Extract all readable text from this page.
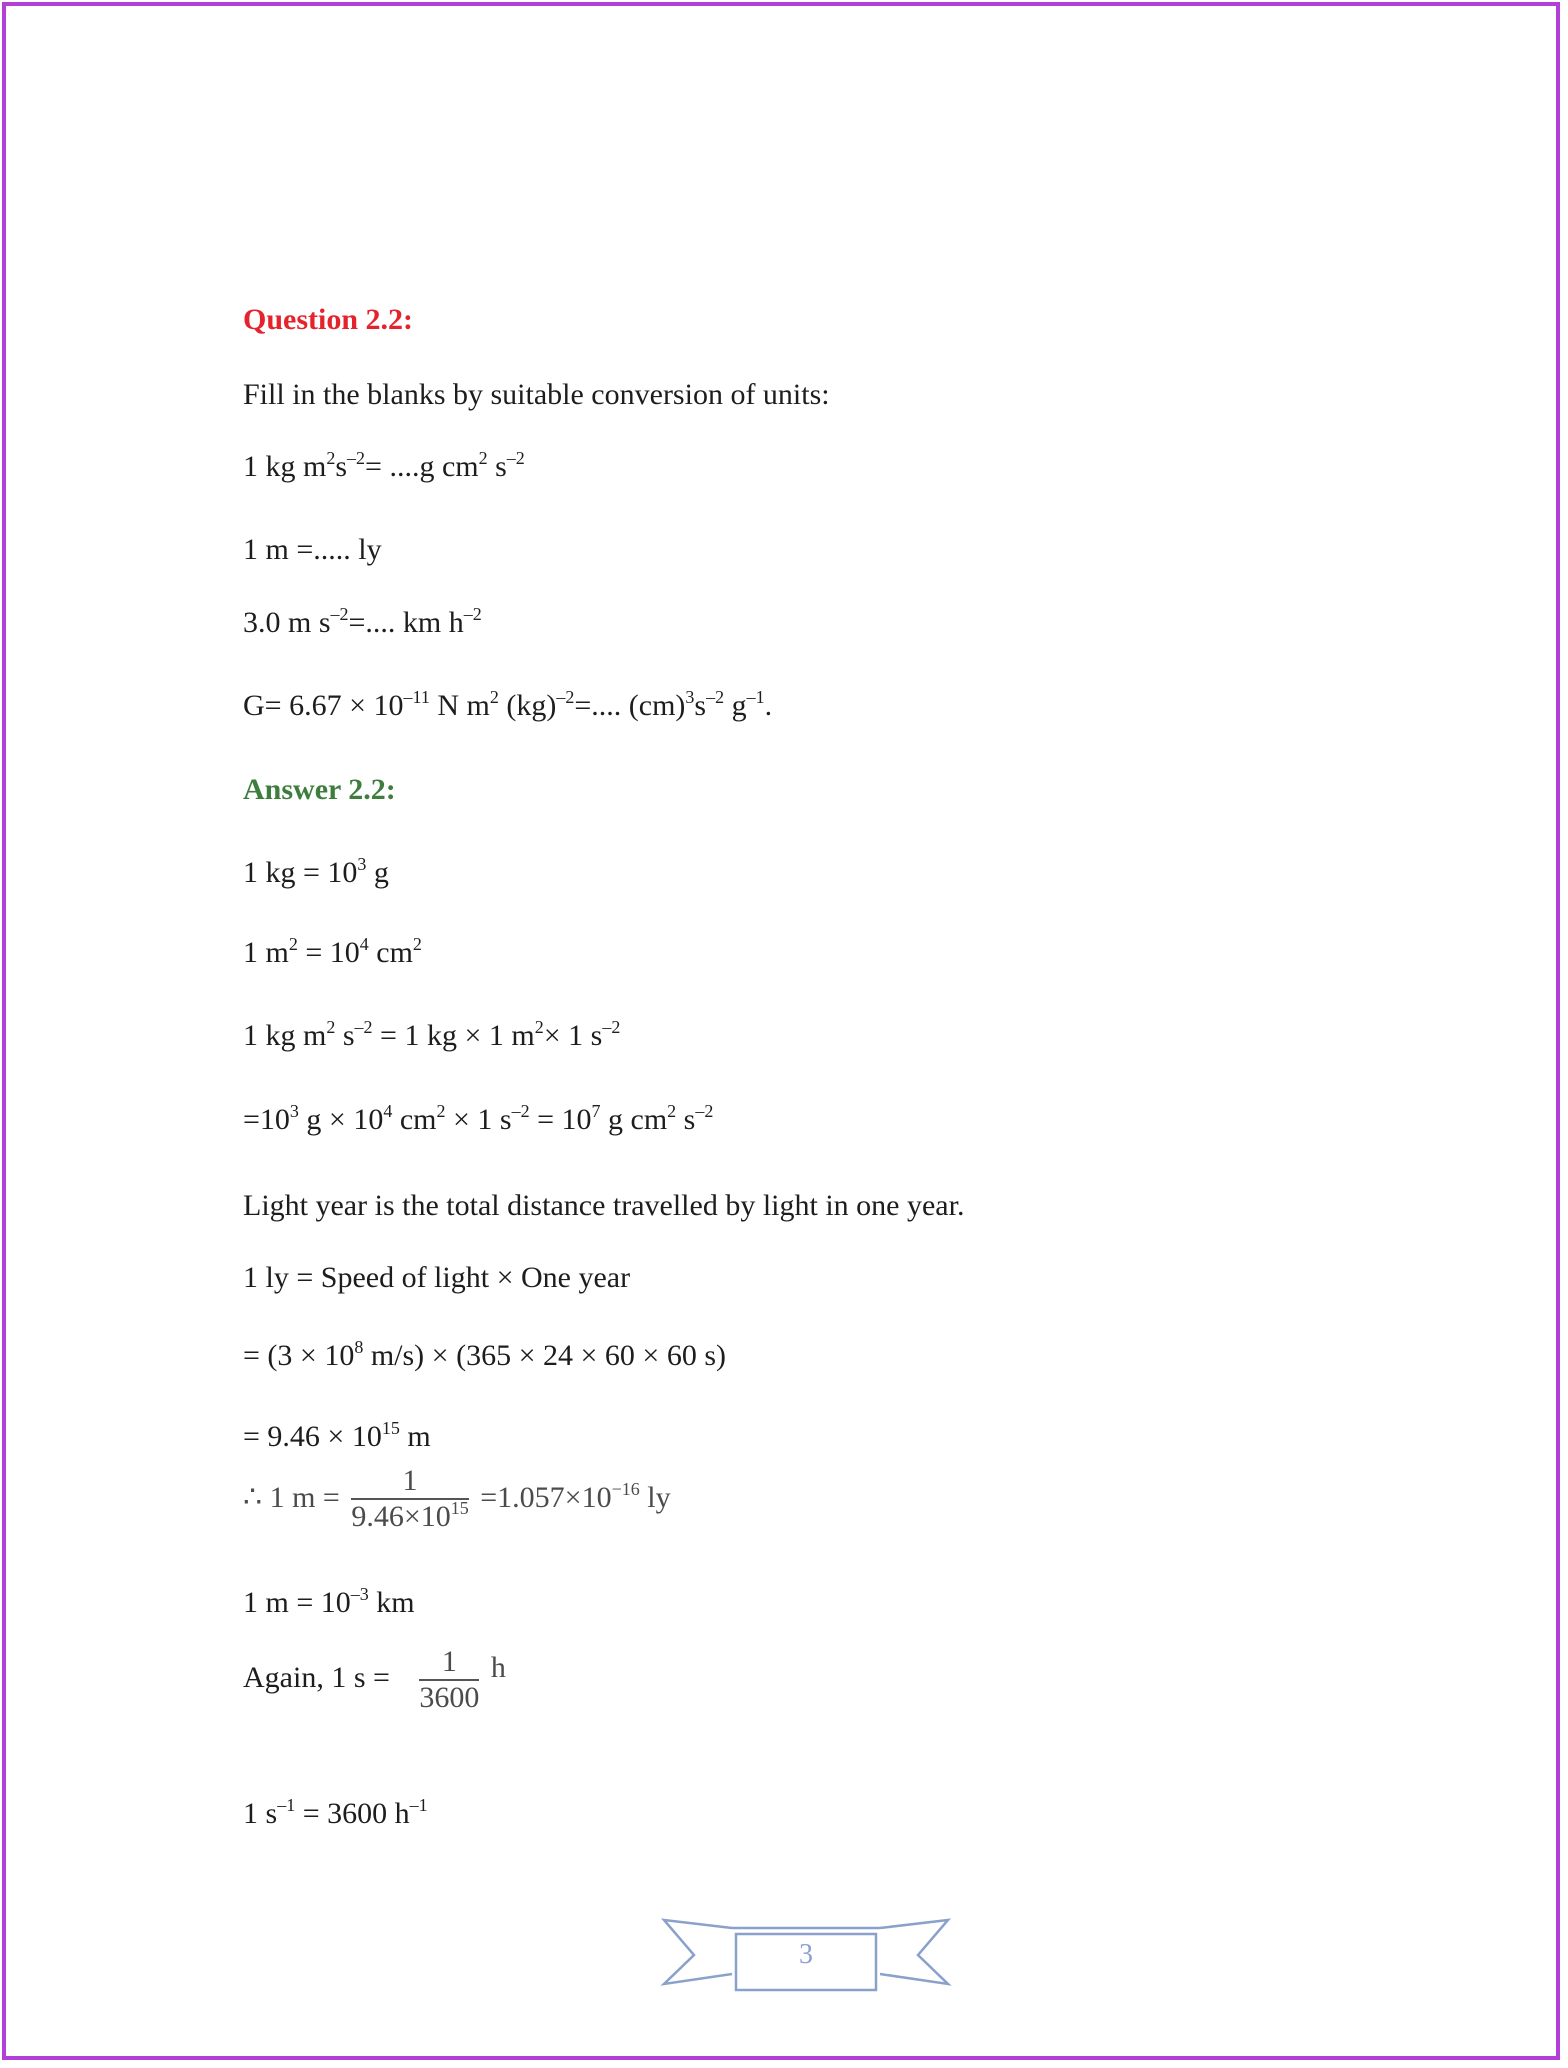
Question 2.2:
Fill in the blanks by suitable conversion of units:
1 kg $m^2s^{-2}= ....g$ $cm^2$ $s^{-2}$
1 m =..... ly
3.0 m $s^{-2}=$.... km $h^{-2}$
$G= 6.67 \times 10^{-11}$ N $m^2$ (kg)$^{-2}$=.... $(cm)^3s^{-2}$ $g^{-1}$.
Answer 2.2:
1 kg = $10^3$ g
1 $m^2 = 10^4$ $cm^2$
1 kg $m^2$ $s^{-2} = 1$ kg × 1 $m^2\times 1$ $s^{-2}$
$=10^3$ $g \times 10^4$ $cm^2 \times 1$ $s^{-2} = 10^7$ g $cm^2$ $s^{-2}$
Light year is the total distance travelled by light in one year.
1 ly = Speed of light × One year
= ($3 \times 10^8$ m/s) × (365 × 24 × 60 × 60 s)
= $9.46 \times 10^{15}$ m
∴ 1 $m = \frac{1}{9.46\times 10^{15}} =1.057\times 10^{-16}$ ly
1 $m = 10^{-3}$ km
Again, 1 $s = \frac{1}{3600}$ h
1 $s^{-1} = 3600$ $h^{-1}$
3
